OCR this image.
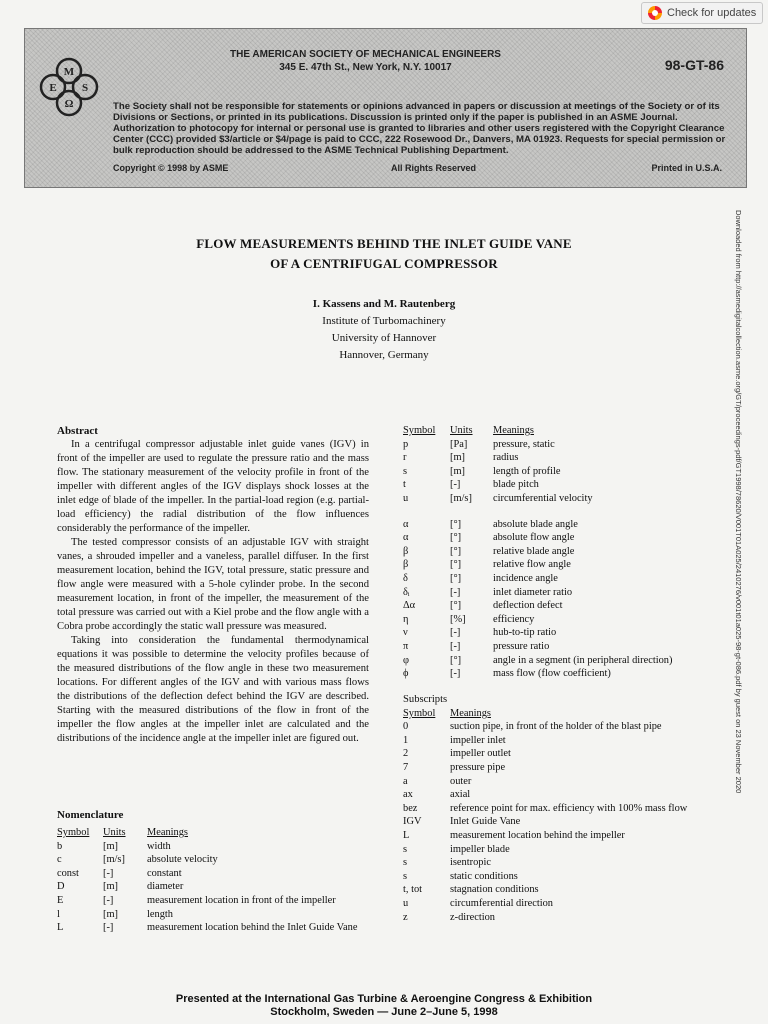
Check for updates
M
E S
Ω
THE AMERICAN SOCIETY OF MECHANICAL ENGINEERS
345 E. 47th St., New York, N.Y. 10017	98-GT-86
The Society shall not be responsible for statements or opinions advanced in papers or discussion at meetings of the Society or of its Divisions or Sections, or printed in its publications. Discussion is printed only if the paper is published in an ASME Journal. Authorization to photocopy for internal or personal use is granted to libraries and other users registered with the Copyright Clearance Center (CCC) provided $3/article or $4/page is paid to CCC, 222 Rosewood Dr., Danvers, MA 01923. Requests for special permission or bulk reproduction should be addressed to the ASME Technical Publishing Department.
Copyright © 1998 by ASME	All Rights Reserved	Printed in U.S.A.
Downloaded from http://asmedigitalcollection.asme.org/GT/proceedings-pdf/GT1998/78620/V001T01A025/2410276/v001t01a025-98-gt-086.pdf by guest on 23 November 2020
FLOW MEASUREMENTS BEHIND THE INLET GUIDE VANE
OF A CENTRIFUGAL COMPRESSOR
I. Kassens and M. Rautenberg
Institute of Turbomachinery
University of Hannover
Hannover, Germany
Abstract

In a centrifugal compressor adjustable inlet guide vanes (IGV) in front of the impeller are used to regulate the pressure ratio and the mass flow. The stationary measurement of the velocity profile in front of the impeller with different angles of the IGV displays shock losses at the inlet edge of blade of the impeller. In the partial-load region (e.g. partial-load efficiency) the radial distribution of the flow influences considerably the performance of the impeller.

The tested compressor consists of an adjustable IGV with straight vanes, a shrouded impeller and a vaneless, parallel diffuser. In the first measurement location, behind the IGV, total pressure, static pressure and flow angle were measured with a 5-hole cylinder probe. In the second measurement location, in front of the impeller, the measurement of the total pressure was carried out with a Kiel probe and the flow angle with a Cobra probe accordingly the static wall pressure was measured.

Taking into consideration the fundamental thermodynamical equations it was possible to determine the velocity profiles because of the measured distributions of the flow angle in these two measurement locations. For different angles of the IGV and with various mass flows the distributions of the deflection defect behind the IGV are described. Starting with the measured distributions of the flow in front of the impeller the flow angles at the impeller inlet are calculated and the distributions of the incidence angle at the impeller inlet are figured out.

Nomenclature
Symbol	Units	Meanings
b	[m]	width
c	[m/s]	absolute velocity
const	[-]	constant
D	[m]	diameter
E	[-]	measurement location in front of the impeller
l	[m]	length
L	[-]	measurement location behind the Inlet Guide Vane
Symbol	Units	Meanings
p	[Pa]	pressure, static
r	[m]	radius
s	[m]	length of profile
t	[-]	blade pitch
u	[m/s]	circumferential velocity
α	[°]	absolute blade angle
α	[°]	absolute flow angle
β	[°]	relative blade angle
β	[°]	relative flow angle
δ	[°]	incidence angle
δᵢ	[-]	inlet diameter ratio
Δα	[°]	deflection defect
η	[%]	efficiency
ν	[-]	hub-to-tip ratio
π	[-]	pressure ratio
φ	[°]	angle in a segment (in peripheral direction)
ϕ	[-]	mass flow (flow coefficient)
Subscripts
Symbol	Meanings
0	suction pipe, in front of the holder of the blast pipe
1	impeller inlet
2	impeller outlet
7	pressure pipe
a	outer
ax	axial
bez	reference point for max. efficiency with 100% mass flow
IGV	Inlet Guide Vane
L	measurement location behind the impeller
s	impeller blade
s	isentropic
s	static conditions
t, tot	stagnation conditions
u	circumferential direction
z	z-direction
Presented at the International Gas Turbine & Aeroengine Congress & Exhibition
Stockholm, Sweden — June 2–June 5, 1998
